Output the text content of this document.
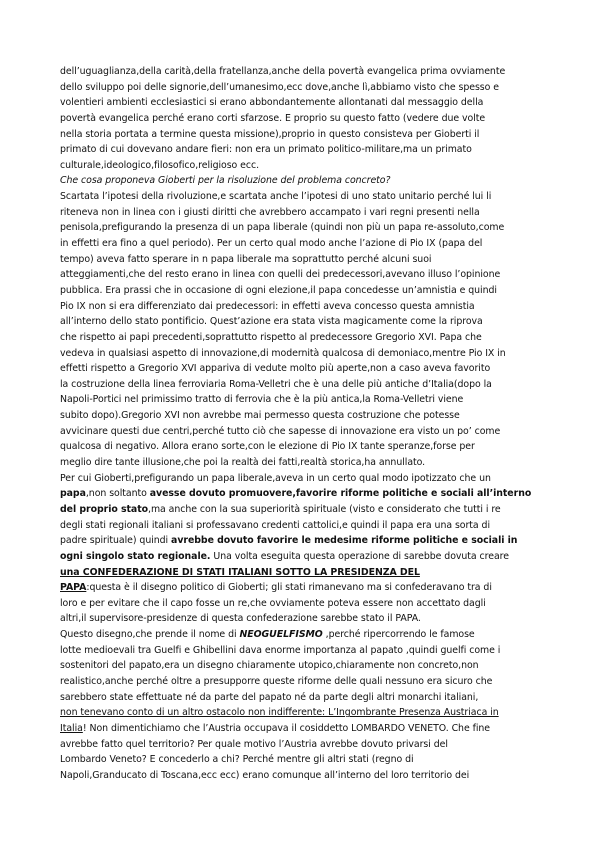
dell’uguaglianza,della carità,della fratellanza,anche della povertà evangelica prima ovviamente
dello sviluppo poi delle signorie,dell’umanesimo,ecc dove,anche lì,abbiamo visto che spesso e
volentieri ambienti ecclesiastici si erano abbondantemente allontanati dal messaggio della
povertà evangelica perché erano corti sfarzose. E proprio su questo fatto (vedere due volte
nella storia portata a termine questa missione),proprio in questo consisteva per Gioberti il
primato di cui dovevano andare fieri: non era un primato politico-militare,ma un primato
culturale,ideologico,filosofico,religioso ecc.
Che cosa proponeva Gioberti per la risoluzione del problema concreto?
Scartata l’ipotesi della rivoluzione,e scartata anche l’ipotesi di uno stato unitario perché lui li
riteneva non in linea con i giusti diritti che avrebbero accampato i vari regni presenti nella
penisola,prefigurando la presenza di un papa liberale (quindi non più un papa re-assoluto,come
in effetti era fino a quel periodo). Per un certo qual modo anche l’azione di Pio IX (papa del
tempo) aveva fatto sperare in n papa liberale ma soprattutto perché alcuni suoi
atteggiamenti,che del resto erano in linea con quelli dei predecessori,avevano illuso l’opinione
pubblica. Era prassi che in occasione di ogni elezione,il papa concedesse un’amnistia e quindi
Pio IX non si era differenziato dai predecessori: in effetti aveva concesso questa amnistia
all’interno dello stato pontificio. Quest’azione era stata vista magicamente come la riprova
che rispetto ai papi precedenti,soprattutto rispetto al predecessore Gregorio XVI. Papa che
vedeva in qualsiasi aspetto di innovazione,di modernità qualcosa di demoniaco,mentre Pio IX in
effetti rispetto a Gregorio XVI appariva di vedute molto più aperte,non a caso aveva favorito
la costruzione della linea ferroviaria Roma-Velletri che è una delle più antiche d’Italia(dopo la
Napoli-Portici nel primissimo tratto di ferrovia che è la più antica,la Roma-Velletri viene
subito dopo).Gregorio XVI non avrebbe mai permesso questa costruzione che potesse
avvicinare questi due centri,perché tutto ciò che sapesse di innovazione era visto un po’ come
qualcosa di negativo. Allora erano sorte,con le elezione di Pio IX tante speranze,forse per
meglio dire tante illusione,che poi la realtà dei fatti,realtà storica,ha annullato.
Per cui Gioberti,prefigurando un papa liberale,aveva in un certo qual modo ipotizzato che un
papa,non soltanto avesse dovuto promuovere,favorire riforme politiche e sociali all’interno
del proprio stato,ma anche con la sua superiorità spirituale (visto e considerato che tutti i re
degli stati regionali italiani si professavano credenti cattolici,e quindi il papa era una sorta di
padre spirituale) quindi avrebbe dovuto favorire le medesime riforme politiche e sociali in
ogni singolo stato regionale. Una volta eseguita questa operazione di sarebbe dovuta creare
una CONFEDERAZIONE DI STATI ITALIANI SOTTO LA PRESIDENZA DEL
PAPA:questa è il disegno politico di Gioberti; gli stati rimanevano ma si confederavano tra di
loro e per evitare che il capo fosse un re,che ovviamente poteva essere non accettato dagli
altri,il supervisore-presidenze di questa confederazione sarebbe stato il PAPA.
Questo disegno,che prende il nome di NEOGUELFISMO ,perché ripercorrendo le famose
lotte medioevali tra Guelfi e Ghibellini dava enorme importanza al papato ,quindi guelfi come i
sostenitori del papato,era un disegno chiaramente utopico,chiaramente non concreto,non
realistico,anche perché oltre a presupporre queste riforme delle quali nessuno era sicuro che
sarebbero state effettuate né da parte del papato né da parte degli altri monarchi italiani,
non tenevano conto di un altro ostacolo non indifferente: L’Ingombrante Presenza Austriaca in
Italia! Non dimentichiamo che l’Austria occupava il cosiddetto LOMBARDO VENETO. Che fine
avrebbe fatto quel territorio? Per quale motivo l’Austria avrebbe dovuto privarsi del
Lombardo Veneto? E concederlo a chi? Perché mentre gli altri stati (regno di
Napoli,Granducato di Toscana,ecc ecc) erano comunque all’interno del loro territorio dei
